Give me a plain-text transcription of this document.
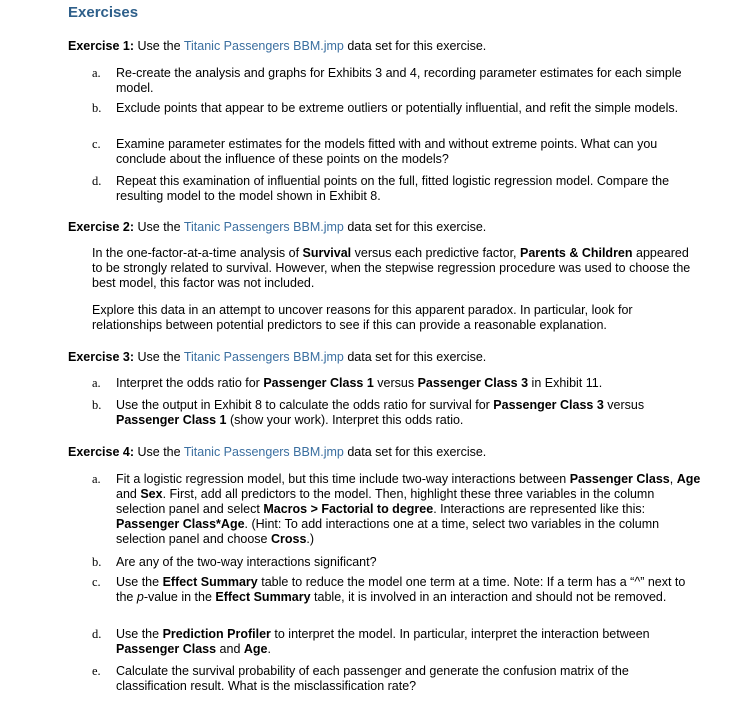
Exercises

Exercise 1: Use the Titanic Passengers BBM.jmp data set for this exercise.

a.	Re-create the analysis and graphs for Exhibits 3 and 4, recording parameter estimates for each simple model.
b.	Exclude points that appear to be extreme outliers or potentially influential, and refit the simple models.
c.	Examine parameter estimates for the models fitted with and without extreme points. What can you conclude about the influence of these points on the models?
d.	Repeat this examination of influential points on the full, fitted logistic regression model. Compare the resulting model to the model shown in Exhibit 8.

Exercise 2: Use the Titanic Passengers BBM.jmp data set for this exercise.

In the one-factor-at-a-time analysis of Survival versus each predictive factor, Parents & Children appeared to be strongly related to survival. However, when the stepwise regression procedure was used to choose the best model, this factor was not included.

Explore this data in an attempt to uncover reasons for this apparent paradox. In particular, look for relationships between potential predictors to see if this can provide a reasonable explanation.

Exercise 3: Use the Titanic Passengers BBM.jmp data set for this exercise.

a.	Interpret the odds ratio for Passenger Class 1 versus Passenger Class 3 in Exhibit 11.
b.	Use the output in Exhibit 8 to calculate the odds ratio for survival for Passenger Class 3 versus Passenger Class 1 (show your work). Interpret this odds ratio.

Exercise 4: Use the Titanic Passengers BBM.jmp data set for this exercise.

a.	Fit a logistic regression model, but this time include two-way interactions between Passenger Class, Age and Sex. First, add all predictors to the model. Then, highlight these three variables in the column selection panel and select Macros > Factorial to degree. Interactions are represented like this: Passenger Class*Age. (Hint: To add interactions one at a time, select two variables in the column selection panel and choose Cross.)
b.	Are any of the two-way interactions significant?
c.	Use the Effect Summary table to reduce the model one term at a time. Note: If a term has a “^” next to the p-value in the Effect Summary table, it is involved in an interaction and should not be removed.
d.	Use the Prediction Profiler to interpret the model. In particular, interpret the interaction between Passenger Class and Age.
e.	Calculate the survival probability of each passenger and generate the confusion matrix of the classification result. What is the misclassification rate?
